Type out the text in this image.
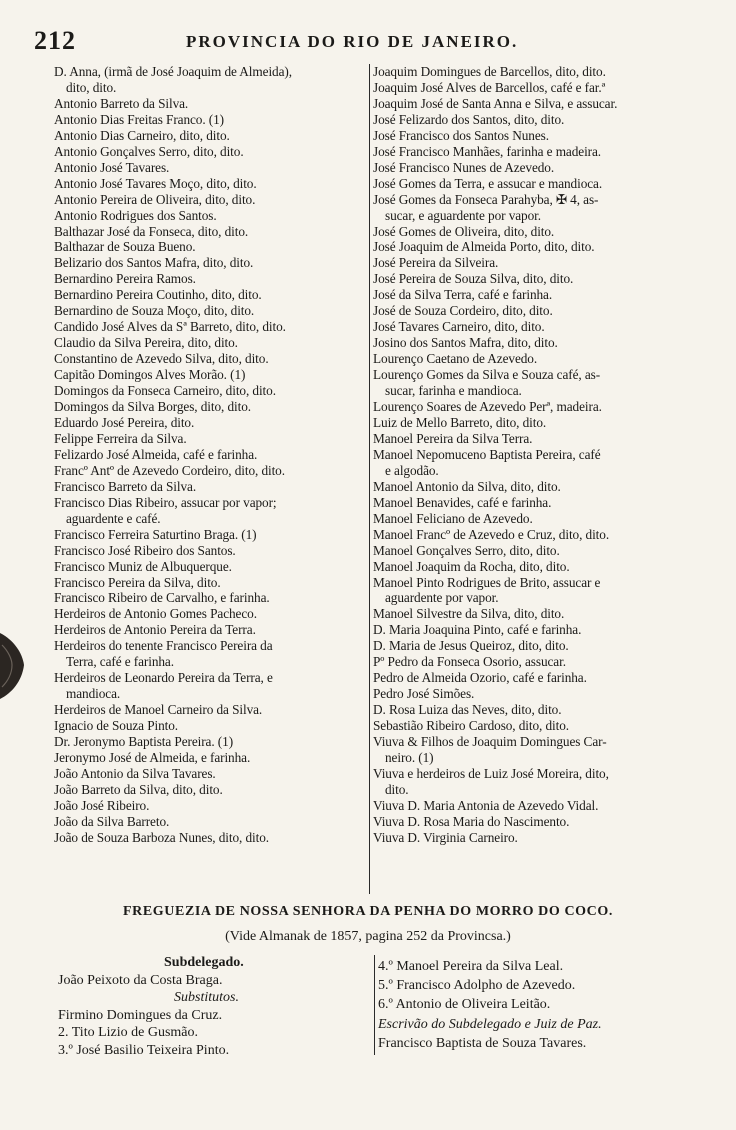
212	PROVINCIA DO RIO DE JANEIRO.
D. Anna, (irmã de José Joaquim de Almeida),
dito, dito.
Antonio Barreto da Silva.
Antonio Dias Freitas Franco. (1)
Antonio Dias Carneiro, dito, dito.
Antonio Gonçalves Serro, dito, dito.
Antonio José Tavares.
Antonio José Tavares Moço, dito, dito.
Antonio Pereira de Oliveira, dito, dito.
Antonio Rodrigues dos Santos.
Balthazar José da Fonseca, dito, dito.
Balthazar de Souza Bueno.
Belizario dos Santos Mafra, dito, dito.
Bernardino Pereira Ramos.
Bernardino Pereira Coutinho, dito, dito.
Bernardino de Souza Moço, dito, dito.
Candido José Alves da Sª Barreto, dito, dito.
Claudio da Silva Pereira, dito, dito.
Constantino de Azevedo Silva, dito, dito.
Capitão Domingos Alves Morão. (1)
Domingos da Fonseca Carneiro, dito, dito.
Domingos da Silva Borges, dito, dito.
Eduardo José Pereira, dito.
Felippe Ferreira da Silva.
Felizardo José Almeida, café e farinha.
Francº Antº de Azevedo Cordeiro, dito, dito.
Francisco Barreto da Silva.
Francisco Dias Ribeiro, assucar por vapor;
aguardente e café.
Francisco Ferreira Saturtino Braga. (1)
Francisco José Ribeiro dos Santos.
Francisco Muniz de Albuquerque.
Francisco Pereira da Silva, dito.
Francisco Ribeiro de Carvalho, e farinha.
Herdeiros de Antonio Gomes Pacheco.
Herdeiros de Antonio Pereira da Terra.
Herdeiros do tenente Francisco Pereira da
Terra, café e farinha.
Herdeiros de Leonardo Pereira da Terra, e
mandioca.
Herdeiros de Manoel Carneiro da Silva.
Ignacio de Souza Pinto.
Dr. Jeronymo Baptista Pereira. (1)
Jeronymo José de Almeida, e farinha.
João Antonio da Silva Tavares.
João Barreto da Silva, dito, dito.
João José Ribeiro.
João da Silva Barreto.
João de Souza Barboza Nunes, dito, dito.
Joaquim Domingues de Barcellos, dito, dito.
Joaquim José Alves de Barcellos, café e far.ª
Joaquim José de Santa Anna e Silva, e assucar.
José Felizardo dos Santos, dito, dito.
José Francisco dos Santos Nunes.
José Francisco Manhães, farinha e madeira.
José Francisco Nunes de Azevedo.
José Gomes da Terra, e assucar e mandioca.
José Gomes da Fonseca Parahyba, ✠ 4, as-
sucar, e aguardente por vapor.
José Gomes de Oliveira, dito, dito.
José Joaquim de Almeida Porto, dito, dito.
José Pereira da Silveira.
José Pereira de Souza Silva, dito, dito.
José da Silva Terra, café e farinha.
José de Souza Cordeiro, dito, dito.
José Tavares Carneiro, dito, dito.
Josino dos Santos Mafra, dito, dito.
Lourenço Caetano de Azevedo.
Lourenço Gomes da Silva e Souza café, as-
sucar, farinha e mandioca.
Lourenço Soares de Azevedo Perª, madeira.
Luiz de Mello Barreto, dito, dito.
Manoel Pereira da Silva Terra.
Manoel Nepomuceno Baptista Pereira, café
e algodão.
Manoel Antonio da Silva, dito, dito.
Manoel Benavides, café e farinha.
Manoel Feliciano de Azevedo.
Manoel Francº de Azevedo e Cruz, dito, dito.
Manoel Gonçalves Serro, dito, dito.
Manoel Joaquim da Rocha, dito, dito.
Manoel Pinto Rodrigues de Brito, assucar e
aguardente por vapor.
Manoel Silvestre da Silva, dito, dito.
D. Maria Joaquina Pinto, café e farinha.
D. Maria de Jesus Queiroz, dito, dito.
Pº Pedro da Fonseca Osorio, assucar.
Pedro de Almeida Ozorio, café e farinha.
Pedro José Simões.
D. Rosa Luiza das Neves, dito, dito.
Sebastião Ribeiro Cardoso, dito, dito.
Viuva & Filhos de Joaquim Domingues Car-
neiro. (1)
Viuva e herdeiros de Luiz José Moreira, dito,
dito.
Viuva D. Maria Antonia de Azevedo Vidal.
Viuva D. Rosa Maria do Nascimento.
Viuva D. Virginia Carneiro.
FREGUEZIA DE NOSSA SENHORA DA PENHA DO MORRO DO COCO.
(Vide Almanak de 1857, pagina 252 da Provincsa.)
Subdelegado.
João Peixoto da Costa Braga.
Substitutos.
Firmino Domingues da Cruz.
2. Tito Lizio de Gusmão.
3.º José Basilio Teixeira Pinto.
4.º Manoel Pereira da Silva Leal.
5.º Francisco Adolpho de Azevedo.
6.º Antonio de Oliveira Leitão.
Escrivão do Subdelegado e Juiz de Paz.
Francisco Baptista de Souza Tavares.
